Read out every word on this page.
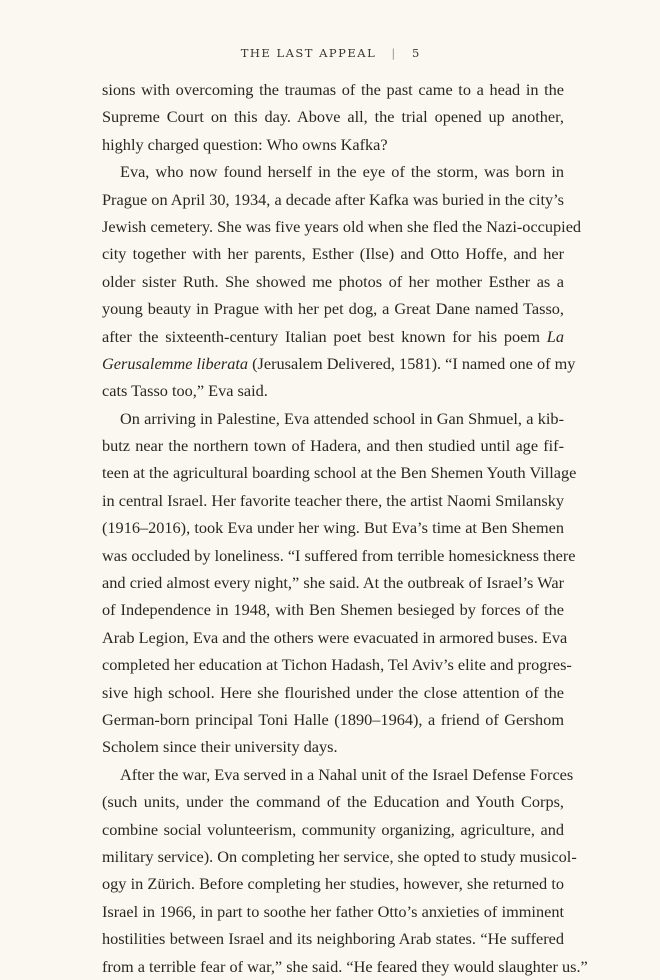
THE LAST APPEAL | 5
sions with overcoming the traumas of the past came to a head in the
Supreme Court on this day. Above all, the trial opened up another,
highly charged question: Who owns Kafka?
Eva, who now found herself in the eye of the storm, was born in
Prague on April 30, 1934, a decade after Kafka was buried in the city’s
Jewish cemetery. She was five years old when she fled the Nazi-occupied
city together with her parents, Esther (Ilse) and Otto Hoffe, and her
older sister Ruth. She showed me photos of her mother Esther as a
young beauty in Prague with her pet dog, a Great Dane named Tasso,
after the sixteenth-century Italian poet best known for his poem La
Gerusalemme liberata (Jerusalem Delivered, 1581). “I named one of my
cats Tasso too,” Eva said.
On arriving in Palestine, Eva attended school in Gan Shmuel, a kib-
butz near the northern town of Hadera, and then studied until age fif-
teen at the agricultural boarding school at the Ben Shemen Youth Village
in central Israel. Her favorite teacher there, the artist Naomi Smilansky
(1916–2016), took Eva under her wing. But Eva’s time at Ben Shemen
was occluded by loneliness. “I suffered from terrible homesickness there
and cried almost every night,” she said. At the outbreak of Israel’s War
of Independence in 1948, with Ben Shemen besieged by forces of the
Arab Legion, Eva and the others were evacuated in armored buses. Eva
completed her education at Tichon Hadash, Tel Aviv’s elite and progres-
sive high school. Here she flourished under the close attention of the
German-born principal Toni Halle (1890–1964), a friend of Gershom
Scholem since their university days.
After the war, Eva served in a Nahal unit of the Israel Defense Forces
(such units, under the command of the Education and Youth Corps,
combine social volunteerism, community organizing, agriculture, and
military service). On completing her service, she opted to study musicol-
ogy in Zürich. Before completing her studies, however, she returned to
Israel in 1966, in part to soothe her father Otto’s anxieties of imminent
hostilities between Israel and its neighboring Arab states. “He suffered
from a terrible fear of war,” she said. “He feared they would slaughter us.”
